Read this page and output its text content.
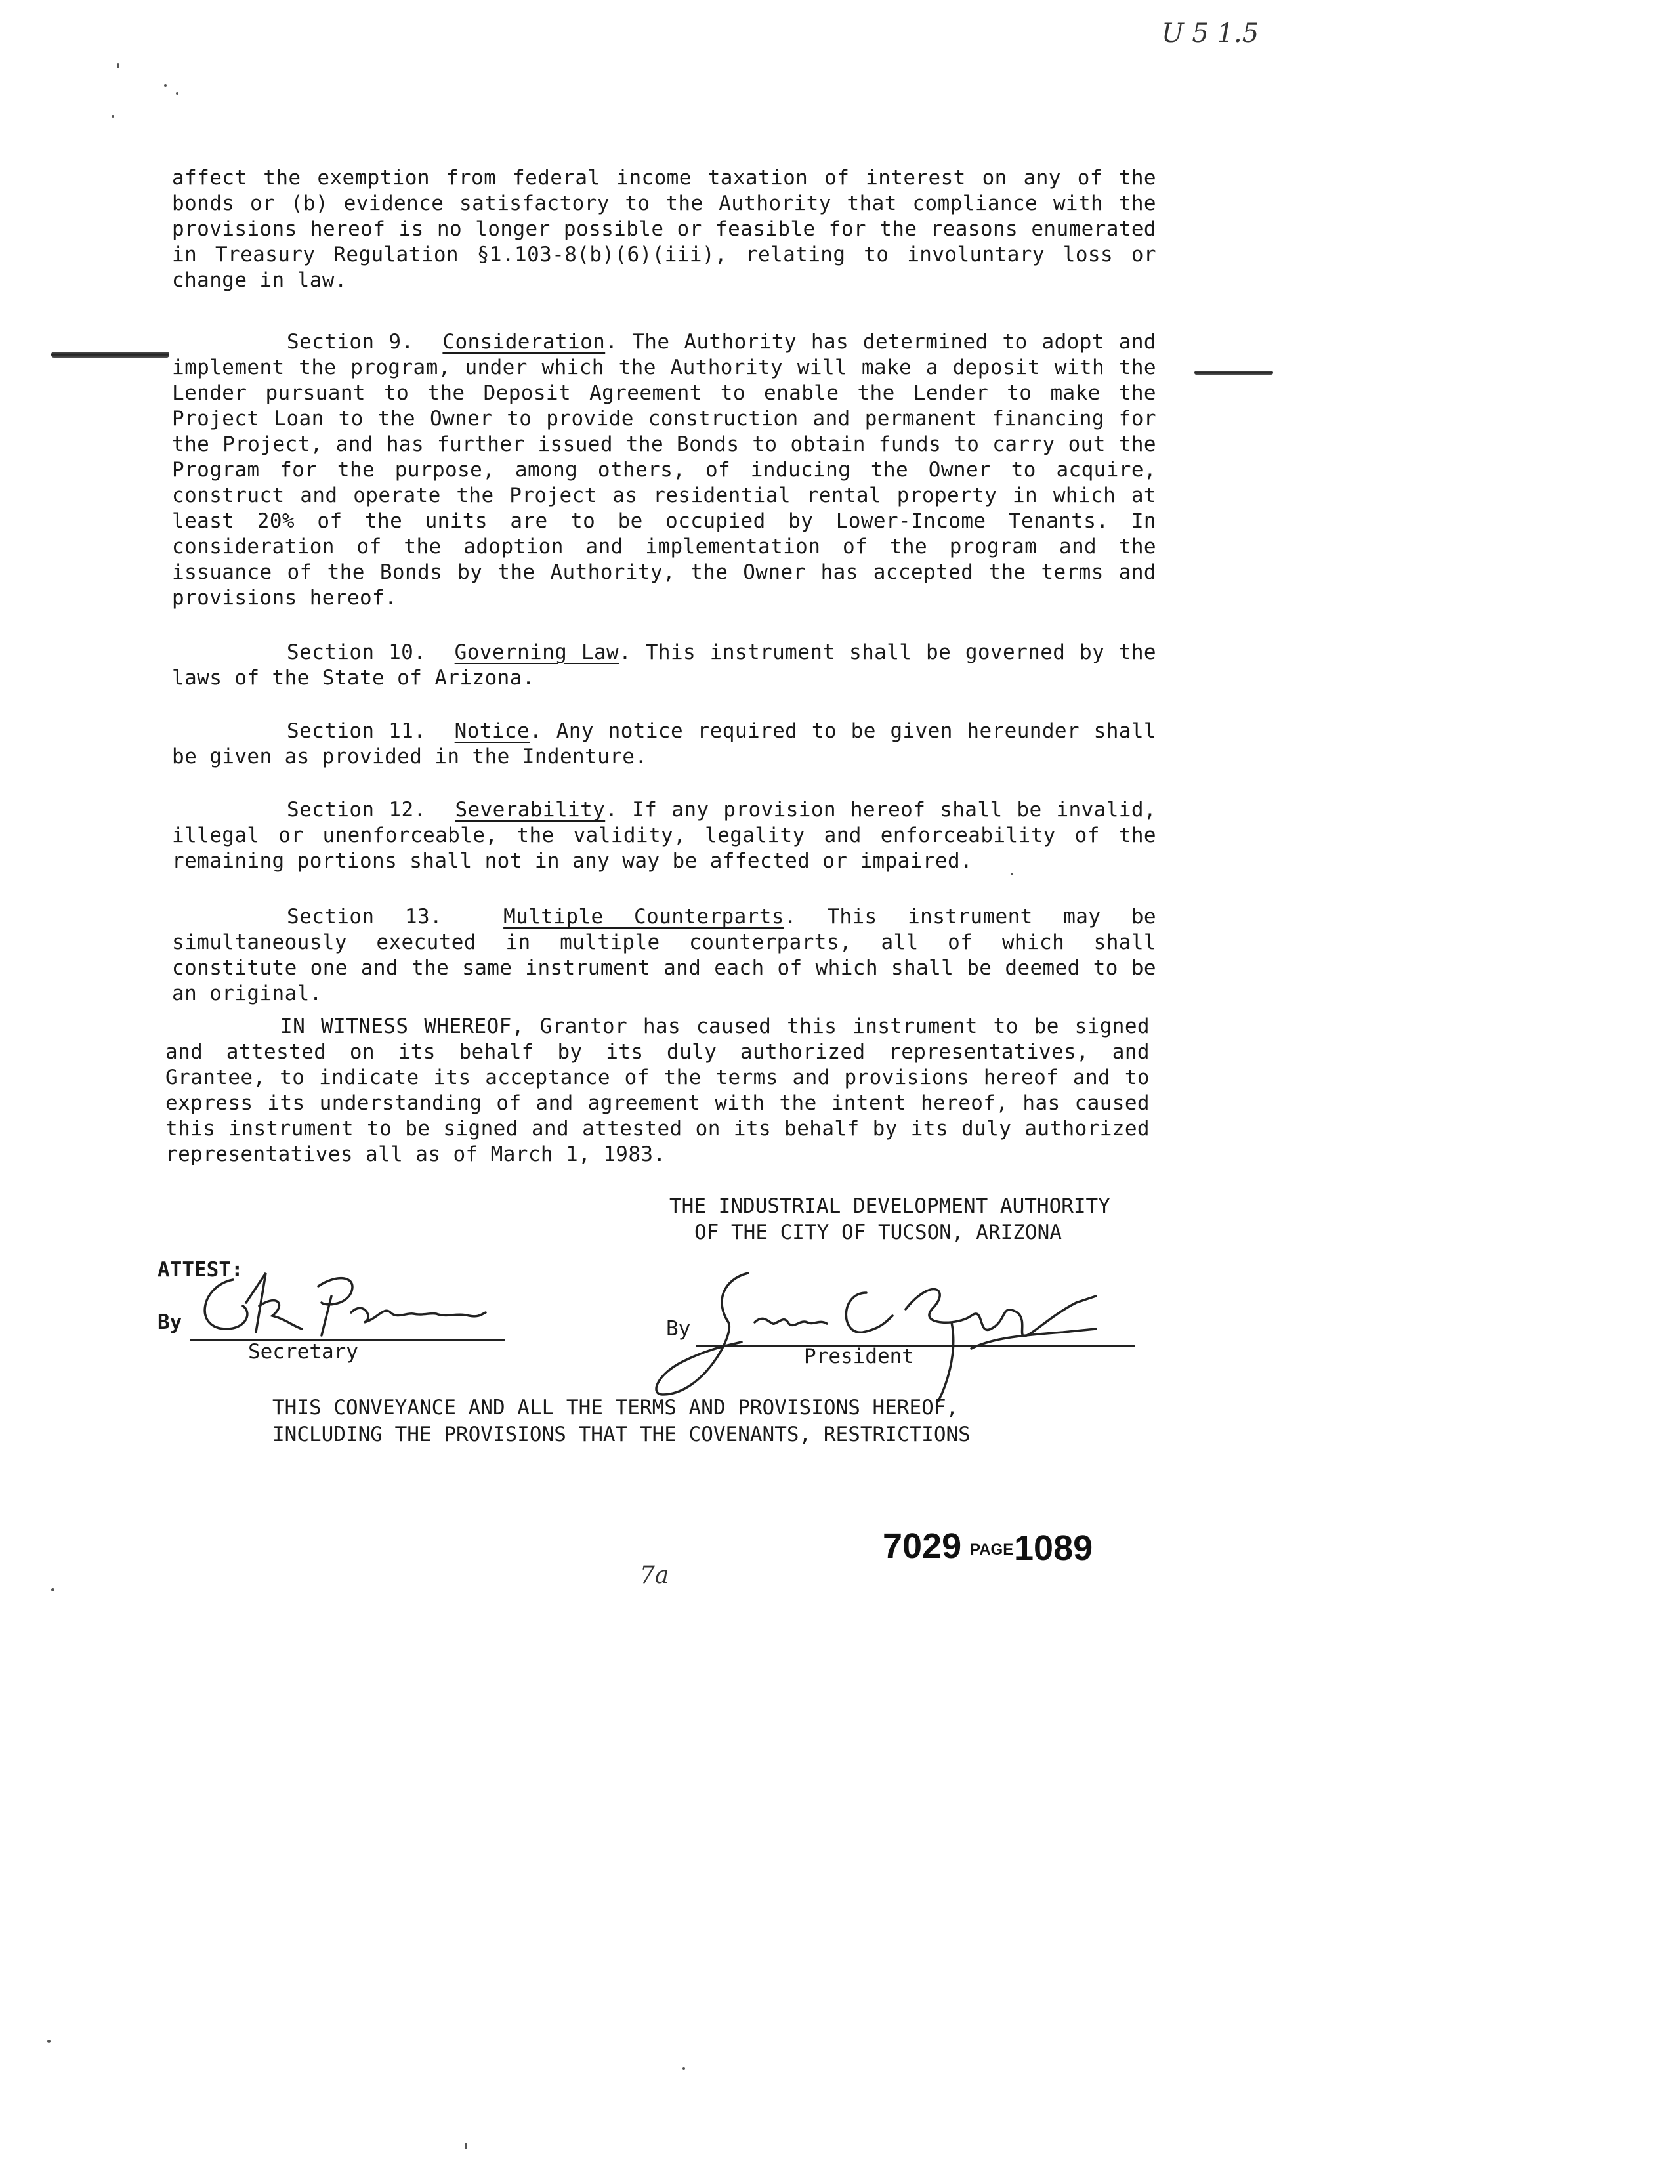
U 5 1.5

affect the exemption from federal income taxation of interest on any of the bonds or (b) evidence satisfactory to the Authority that compliance with the provisions hereof is no longer possible or feasible for the reasons enumerated in Treasury Regulation §1.103-8(b)(6)(iii), relating to involuntary loss or change in law.

Section 9. Consideration. The Authority has determined to adopt and implement the program, under which the Authority will make a deposit with the Lender pursuant to the Deposit Agreement to enable the Lender to make the Project Loan to the Owner to provide construction and permanent financing for the Project, and has further issued the Bonds to obtain funds to carry out the Program for the purpose, among others, of inducing the Owner to acquire, construct and operate the Project as residential rental property in which at least 20% of the units are to be occupied by Lower-Income Tenants. In consideration of the adoption and implementation of the program and the issuance of the Bonds by the Authority, the Owner has accepted the terms and provisions hereof.

Section 10. Governing Law. This instrument shall be governed by the laws of the State of Arizona.

Section 11. Notice. Any notice required to be given hereunder shall be given as provided in the Indenture.

Section 12. Severability. If any provision hereof shall be invalid, illegal or unenforceable, the validity, legality and enforceability of the remaining portions shall not in any way be affected or impaired.

Section 13.	Multiple Counterparts. This instrument may be simultaneously executed in multiple counterparts, all of which shall constitute one and the same instrument and each of which shall be deemed to be an original.

IN WITNESS WHEREOF, Grantor has caused this instrument to be signed and attested on its behalf by its duly authorized representatives, and Grantee, to indicate its acceptance of the terms and provisions hereof and to express its understanding of and agreement with the intent hereof, has caused this instrument to be signed and attested on its behalf by its duly authorized representatives all as of March 1, 1983.

THE INDUSTRIAL DEVELOPMENT AUTHORITY
OF THE CITY OF TUCSON, ARIZONA
ATTEST:
By
Secretary
By
President
THIS CONVEYANCE AND ALL THE TERMS AND PROVISIONS HEREOF,
INCLUDING THE PROVISIONS THAT THE COVENANTS, RESTRICTIONS
7a
7029 PAGE 1089
